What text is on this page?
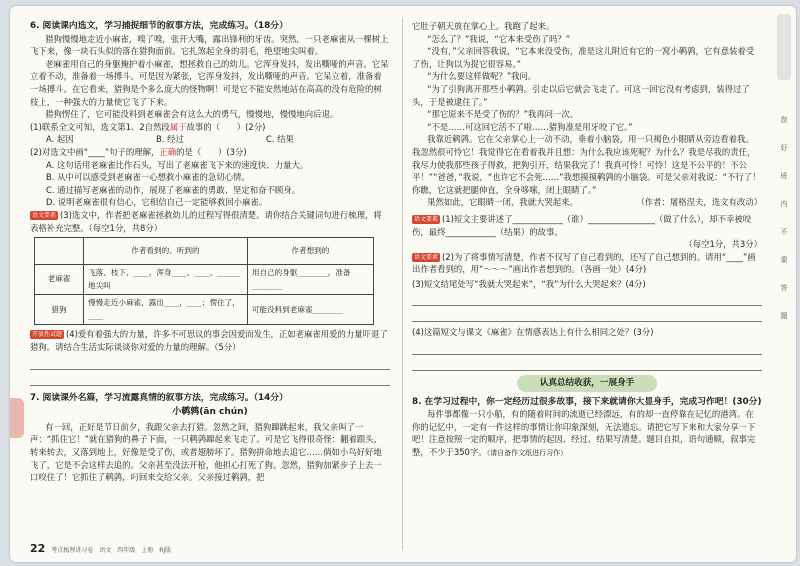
6. 阅读课内选文，学习捕捉细节的叙事方法，完成练习。（18分）

猎狗慢慢地走近小麻雀，嗅了嗅，张开大嘴，露出锋利的牙齿。突然，一只老麻雀从一棵树上飞下来，像一块石头似的落在猎狗面前。它扎煞起全身的羽毛，绝望地尖叫着。

老麻雀用自己的身躯掩护着小麻雀，想拯救自己的幼儿。它浑身发抖，发出嘶哑的声音。它呆立着不动，准备着一场搏斗。可是因为紧张，它浑身发抖，发出嘶哑的声音。它呆立着，准备着一场搏斗。在它看来，猎狗是个多么庞大的怪物啊！可是它不能安然地站在高高的没有危险的树枝上，一种强大的力量使它飞了下来。

猎狗愣住了，它可能没料到老麻雀会有这么大的勇气，慢慢地，慢慢地向后退。

(1)联系全文可知，选文第1、2自然段属于故事的（　　）(2分)

A. 起因	B. 经过	C. 结果

(2)对选文中画“____”句子的理解，正确的是（　　）(3分)

A. 这句话用老麻雀比作石头，写出了老麻雀飞下来的速度快、力量大。

B. 从中可以感受到老麻雀一心想救小麻雀的急切心情。

C. 通过描写老麻雀的动作，展现了老麻雀的勇敢、坚定和奋不顾身。

D. 说明老麻雀很有信心，它相信自己一定能够救回小麻雀。

语文要素 (3)选文中，作者把老麻雀拯救幼儿的过程写得很清楚。请你结合关键词句进行梳理，将表格补充完整。（每空1分，共8分）

	作者看到的、听到的	作者想到的
老麻雀	飞落、枝下、____、浑身____、____、______地尖叫	用自己的身躯________，准备________
猎狗	慢慢走近小麻雀，露出____，____；愣住了，____	可能没料到老麻雀________

开放性试题 (4)爱有着强大的力量，许多不可思议的事会因爱而发生，正如老麻雀用爱的力量吓退了猎狗。请结合生活实际谈谈你对爱的力量的理解。（5分）

7. 阅读课外名篇，学习流露真情的叙事方法，完成练习。（14分）

小鹌鹑(ān chún)

有一回，正好是节日前夕，我跟父亲去打猎。忽然之间，猎狗蹿跳起来，我父亲叫了一声：“抓住它！”就在猎狗的鼻子下面，一只鹌鹑蹿起来飞走了。可是它飞得很奇怪：翻着跟头，转来转去，又落到地上，好像是受了伤，或者翅膀坏了。猎狗拼命地去追它……倘如小鸟好好地飞了，它是不会这样去追的。父亲甚至没法开枪，他担心打死了狗。忽然，猎狗加紧步子上去一口咬住了！它抓住了鹌鹑，叼回来交给父亲。父亲接过鹌鹑，把

它肚子朝天放在掌心上。我跑了起来。

“怎么了？”我说，“它本来受伤了吗？”

“没有，”父亲回答我说，“它本来没受伤，准是这儿附近有它的一窝小鹌鹑，它有意装着受了伤，让狗以为捉它很容易。”

“为什么要这样做呢？”我问。

“为了引狗离开那些小鹌鹑。引走以后它就会飞走了。可这一回它没有考虑到，装得过了头，于是被逮住了。”

“那它原来不是受了伤的？”我再问一次。

“不是……可这回它活不了啦……猎狗准是用牙咬了它。”

我靠近鹌鹑。它在父亲掌心上一动不动，垂着小脑袋，用一只褐色小眼睛从旁边看着我。我忽然很可怜它！我觉得它在看着我并且想：为什么我应该死呢？为什么？我是尽我的责任，我尽力使我那些孩子得救，把狗引开，结果我完了！我真可怜！可怜！这是不公平的！不公平！”“爸爸，”我说，“也许它不会死……”我想摸摸鹌鹑的小脑袋。可是父亲对我说：“不行了！你瞧，它这就把腿伸直，全身哆嗦，闭上眼睛了。”

果然如此，它眼睛一闭，我就大哭起来。	（作者：屠格涅夫，选文有改动）

语文要素 (1)短文主要讲述了____________（谁）________________（做了什么），却不幸被咬伤，最终____________（结果）的故事。

（每空1分，共3分）

语文要素 (2)为了将事情写清楚，作者不仅写了自己看到的，还写了自己想到的。请用“____”画出作者看到的，用“～～～”画出作者想到的。（各画一处）(4分)

(3)短文结尾处写“我就大哭起来”，“我”为什么大哭起来？(4分)

(4)这篇短文与课文《麻雀》在情感表达上有什么相同之处？(3分)

认真总结收获，一展身手

8. 在学习过程中，你一定经历过很多故事，接下来就请你大显身手，完成习作吧！(30分)

每件事都像一只小船，有的随着时间的流逝已经漂远，有的却一直停靠在记忆的港湾。在你的记忆中，一定有一件这样的事情让你印象深刻，无法遗忘。请把它写下来和大家分享一下吧！注意按照一定的顺序，把事情的起因、经过、结果写清楚。题目自拟，语句通顺，叙事完整，不少于350字。（请自备作文纸进行习作）

您
好
班
内
不
要
答
题
22 考点梳理讲习卷　语文　四年级　上册　RJ版
